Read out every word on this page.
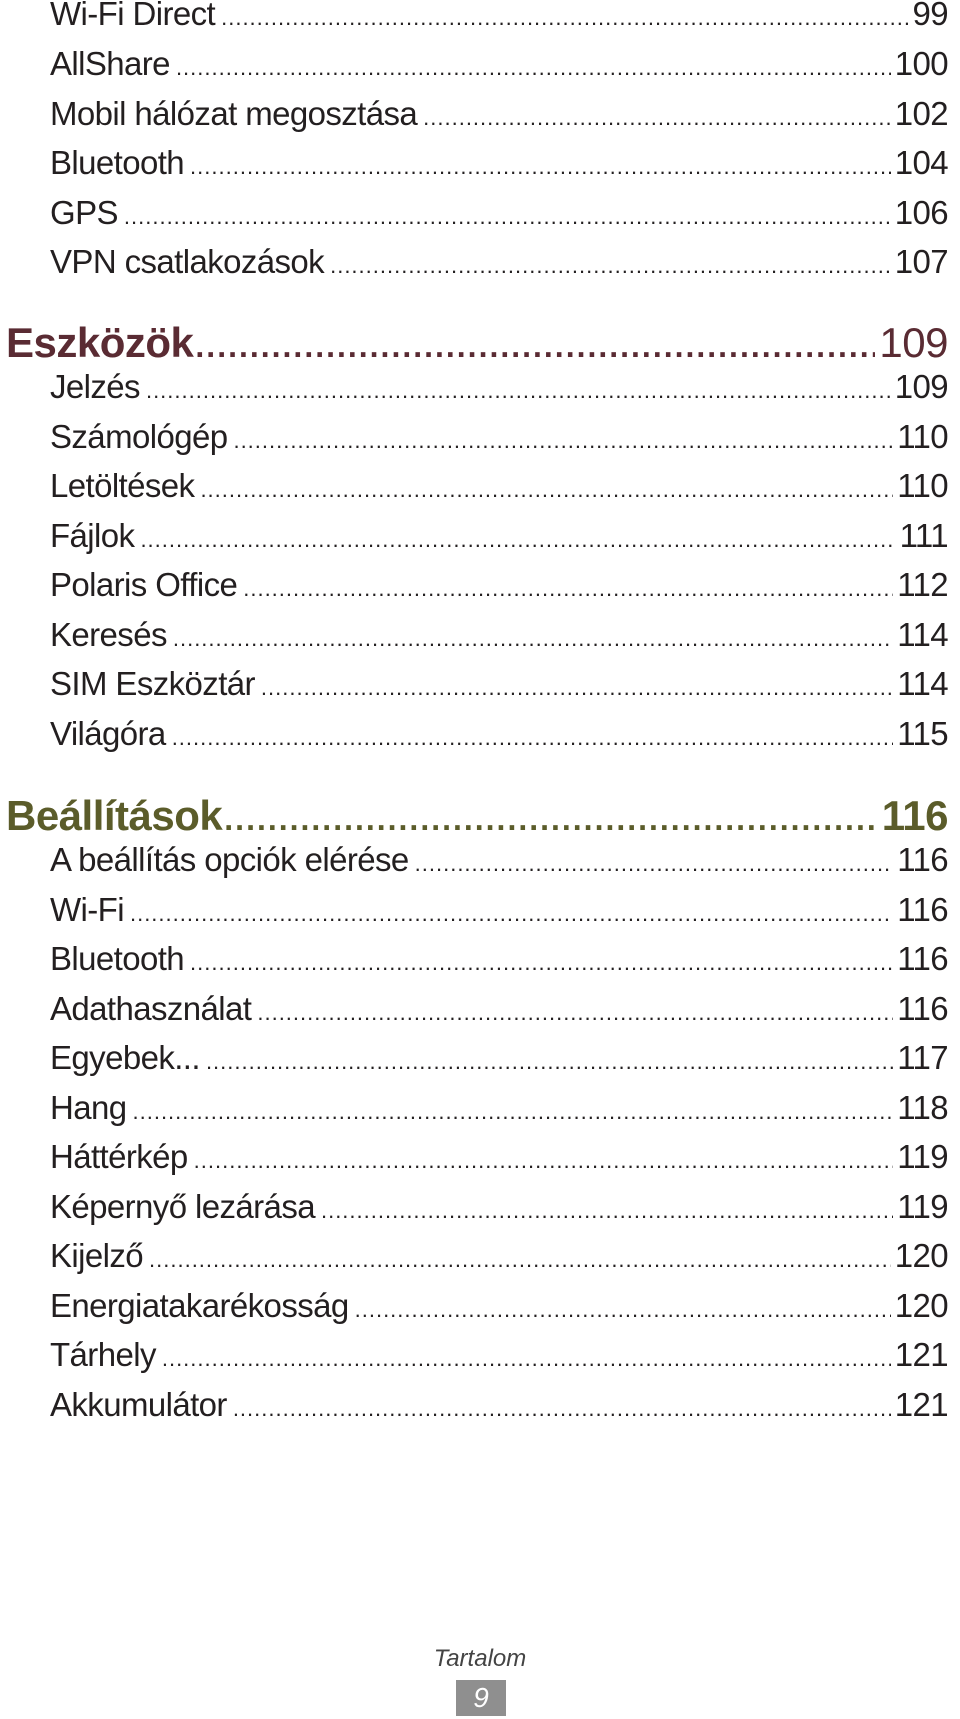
Wi-Fi Direct .....	99
AllShare .....	100
Mobil hálózat megosztása .....	102
Bluetooth .....	104
GPS .....	106
VPN csatlakozások .....	107
Eszközök .....	109
Jelzés .....	109
Számológép .....	110
Letöltések .....	110
Fájlok .....	111
Polaris Office .....	112
Keresés .....	114
SIM Eszköztár .....	114
Világóra .....	115
Beállítások .....	116
A beállítás opciók elérése .....	116
Wi-Fi .....	116
Bluetooth .....	116
Adathasználat .....	116
Egyebek... .....	117
Hang .....	118
Háttérkép .....	119
Képernyő lezárása .....	119
Kijelző .....	120
Energiatakarékosság .....	120
Tárhely .....	121
Akkumulátor .....	121
Tartalom
9
